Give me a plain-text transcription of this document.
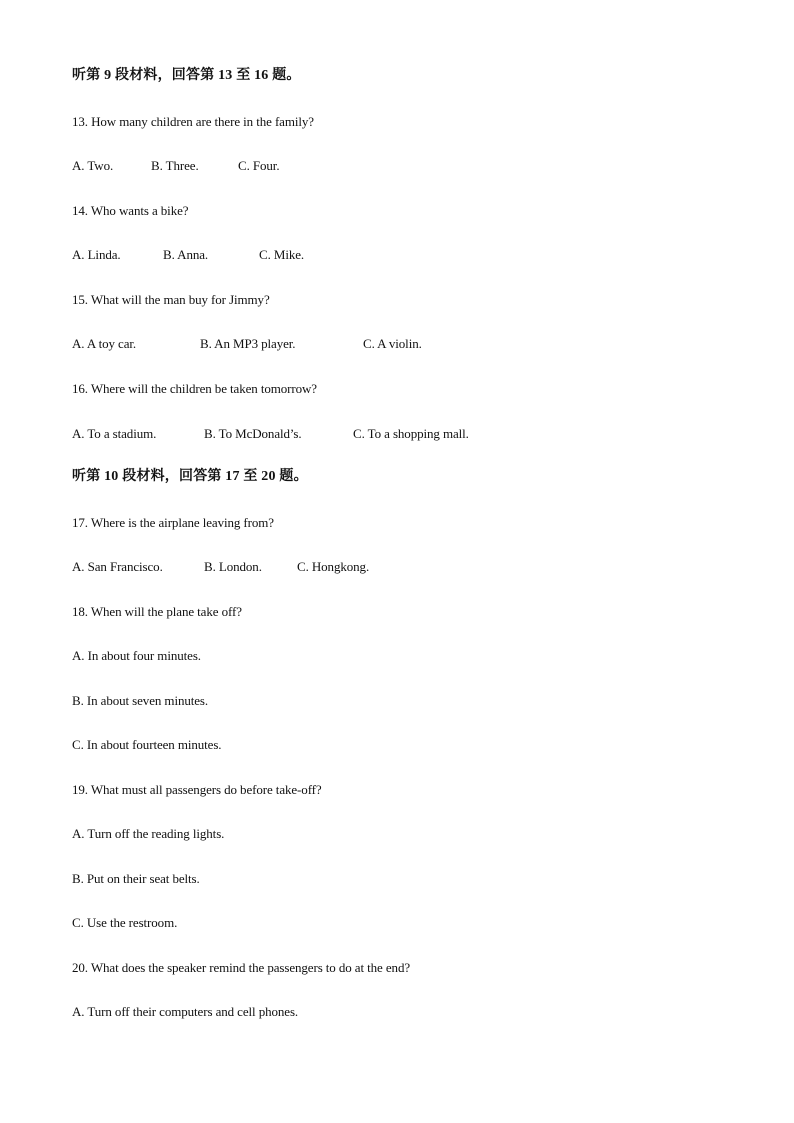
听第 9 段材料，回答第 13 至 16 题。
13. How many children are there in the family?
A. Two.	B. Three.	C. Four.
14. Who wants a bike?
A. Linda.	B. Anna.	C. Mike.
15. What will the man buy for Jimmy?
A. A toy car.	B. An MP3 player.	C. A violin.
16. Where will the children be taken tomorrow?
A. To a stadium.	B. To McDonald’s.	C. To a shopping mall.
听第 10 段材料，回答第 17 至 20 题。
17. Where is the airplane leaving from?
A. San Francisco.	B. London.	C. Hongkong.
18. When will the plane take off?
A. In about four minutes.
B. In about seven minutes.
C. In about fourteen minutes.
19. What must all passengers do before take-off?
A. Turn off the reading lights.
B. Put on their seat belts.
C. Use the restroom.
20. What does the speaker remind the passengers to do at the end?
A. Turn off their computers and cell phones.
